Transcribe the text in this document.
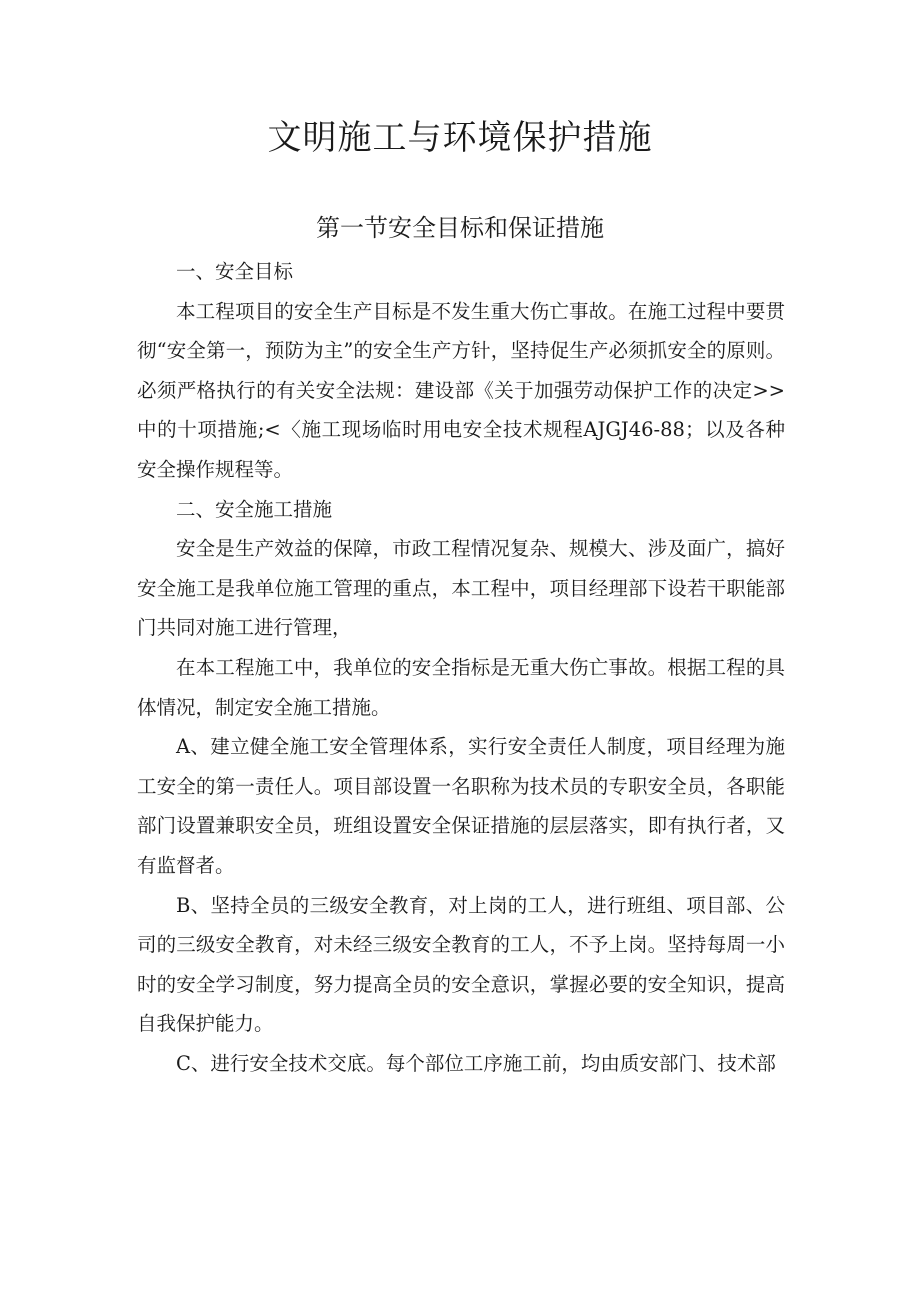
文明施工与环境保护措施
第一节安全目标和保证措施

一、安全目标

本工程项目的安全生产目标是不发生重大伤亡事故。在施工过程中要贯彻“安全第一，预防为主”的安全生产方针，坚持促生产必须抓安全的原则。必须严格执行的有关安全法规：建设部《关于加强劳动保护工作的决定>>中的十项措施;<〈施工现场临时用电安全技术规程AJGJ46-88；以及各种安全操作规程等。

二、安全施工措施

安全是生产效益的保障，市政工程情况复杂、规模大、涉及面广，搞好安全施工是我单位施工管理的重点，本工程中，项目经理部下设若干职能部门共同对施工进行管理，

在本工程施工中，我单位的安全指标是无重大伤亡事故。根据工程的具体情况，制定安全施工措施。

A、建立健全施工安全管理体系，实行安全责任人制度，项目经理为施工安全的第一责任人。项目部设置一名职称为技术员的专职安全员，各职能部门设置兼职安全员，班组设置安全保证措施的层层落实，即有执行者，又有监督者。

B、坚持全员的三级安全教育，对上岗的工人，进行班组、项目部、公司的三级安全教育，对未经三级安全教育的工人，不予上岗。坚持每周一小时的安全学习制度，努力提高全员的安全意识，掌握必要的安全知识，提高自我保护能力。

C、进行安全技术交底。每个部位工序施工前，均由质安部门、技术部
